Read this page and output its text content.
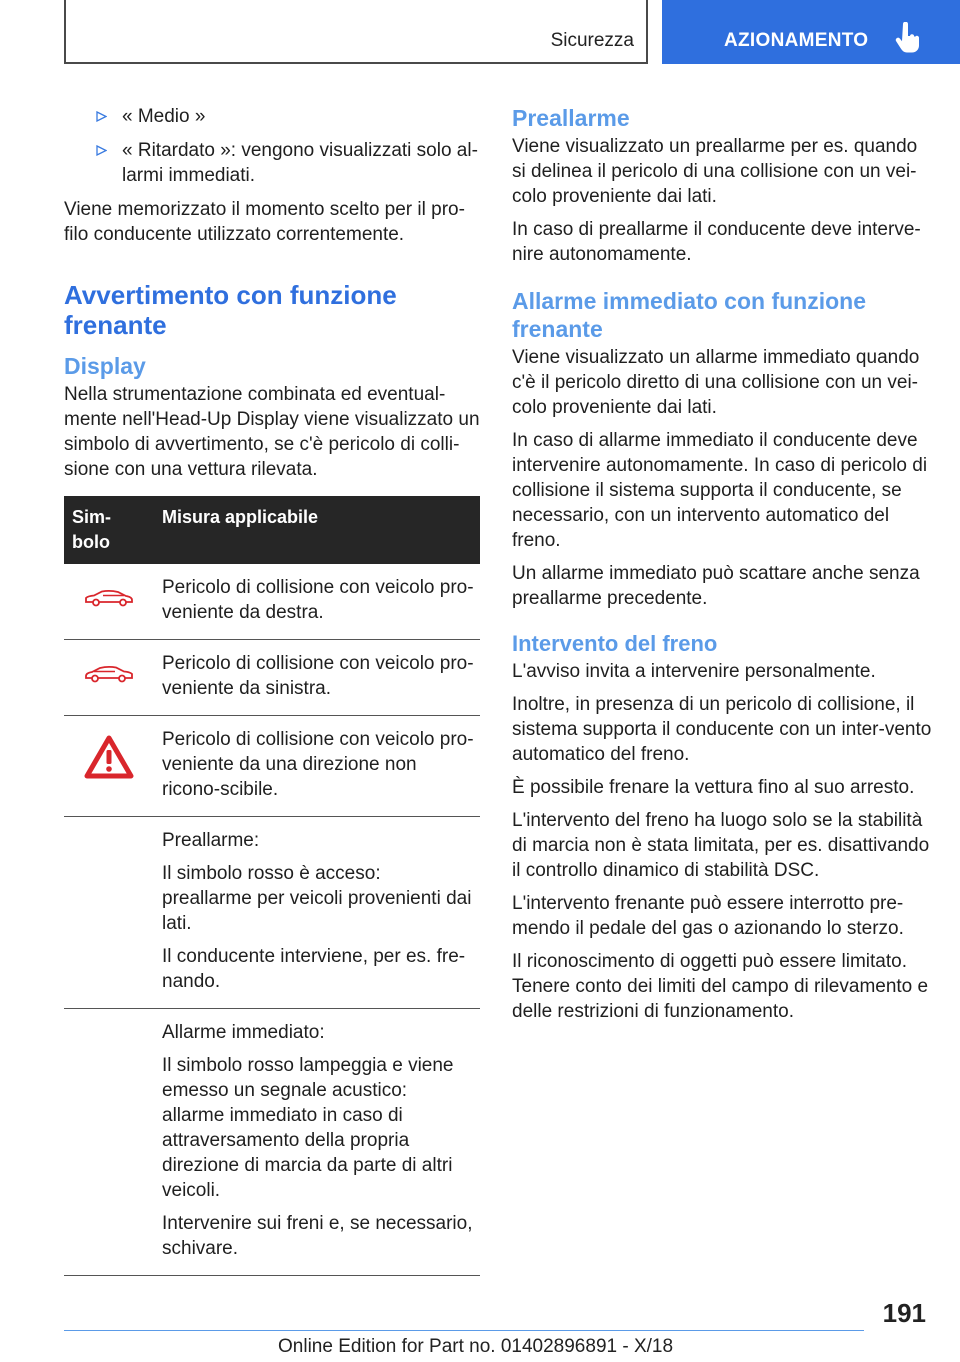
Sicurezza	AZIONAMENTO
« Medio »
« Ritardato »: vengono visualizzati solo al-larmi immediati.

Viene memorizzato il momento scelto per il pro-filo conducente utilizzato correntemente.

Avvertimento con funzione frenante
Display

Nella strumentazione combinata ed eventual-mente nell'Head-Up Display viene visualizzato un simbolo di avvertimento, se c'è pericolo di colli-sione con una vettura rilevata.

Sim-bolo	Misura applicabile

Pericolo di collisione con veicolo pro-veniente da destra.

Pericolo di collisione con veicolo pro-veniente da sinistra.

Pericolo di collisione con veicolo pro-veniente da una direzione non ricono-scibile.

	Preallarme:

Il simbolo rosso è acceso: preallarme per veicoli provenienti dai lati.

Il conducente interviene, per es. fre-nando.

	Allarme immediato:

Il simbolo rosso lampeggia e viene emesso un segnale acustico: allarme immediato in caso di attraversamento della propria direzione di marcia da parte di altri veicoli.

Intervenire sui freni e, se necessario, schivare.

Preallarme

Viene visualizzato un preallarme per es. quando si delinea il pericolo di una collisione con un vei-colo proveniente dai lati.

In caso di preallarme il conducente deve interve-nire autonomamente.

Allarme immediato con funzione frenante

Viene visualizzato un allarme immediato quando c'è il pericolo diretto di una collisione con un vei-colo proveniente dai lati.

In caso di allarme immediato il conducente deve intervenire autonomamente. In caso di pericolo di collisione il sistema supporta il conducente, se necessario, con un intervento automatico del freno.

Un allarme immediato può scattare anche senza preallarme precedente.

Intervento del freno

L'avviso invita a intervenire personalmente.

Inoltre, in presenza di un pericolo di collisione, il sistema supporta il conducente con un inter-vento automatico del freno.

È possibile frenare la vettura fino al suo arresto.

L'intervento del freno ha luogo solo se la stabilità di marcia non è stata limitata, per es. disattivando il controllo dinamico di stabilità DSC.

L'intervento frenante può essere interrotto pre-mendo il pedale del gas o azionando lo sterzo.

Il riconoscimento di oggetti può essere limitato. Tenere conto dei limiti del campo di rilevamento e delle restrizioni di funzionamento.

191
Online Edition for Part no. 01402896891 - X/18
